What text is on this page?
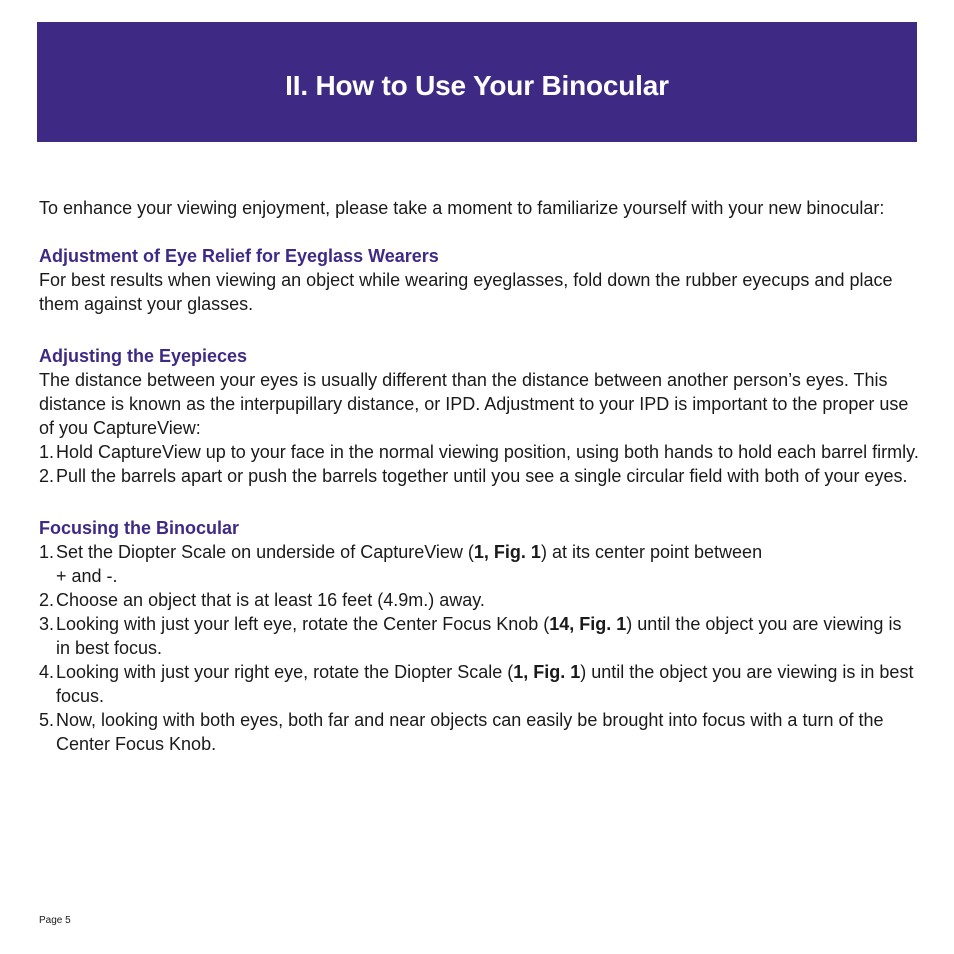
II. How to Use Your Binocular

To enhance your viewing enjoyment, please take a moment to familiarize yourself with your new binocular:

Adjustment of Eye Relief for Eyeglass Wearers

For best results when viewing an object while wearing eyeglasses, fold down the rubber eyecups and place them against your glasses.

Adjusting the Eyepieces

The distance between your eyes is usually different than the distance between another person’s eyes. This distance is known as the interpupillary distance, or IPD. Adjustment to your IPD is important to the proper use of you CaptureView:

1. Hold CaptureView up to your face in the normal viewing position, using both hands to hold each barrel firmly.
2. Pull the barrels apart or push the barrels together until you see a single circular field with both of your eyes.
Focusing the Binocular
1. Set the Diopter Scale on underside of CaptureView (1, Fig. 1) at its center point between
+ and -.
2. Choose an object that is at least 16 feet (4.9m.) away.
3. Looking with just your left eye, rotate the Center Focus Knob (14, Fig. 1) until the object you are viewing is in best focus.
4. Looking with just your right eye, rotate the Diopter Scale (1, Fig. 1) until the object you are viewing is in best focus.
5. Now, looking with both eyes, both far and near objects can easily be brought into focus with a turn of the Center Focus Knob.
Page 5
